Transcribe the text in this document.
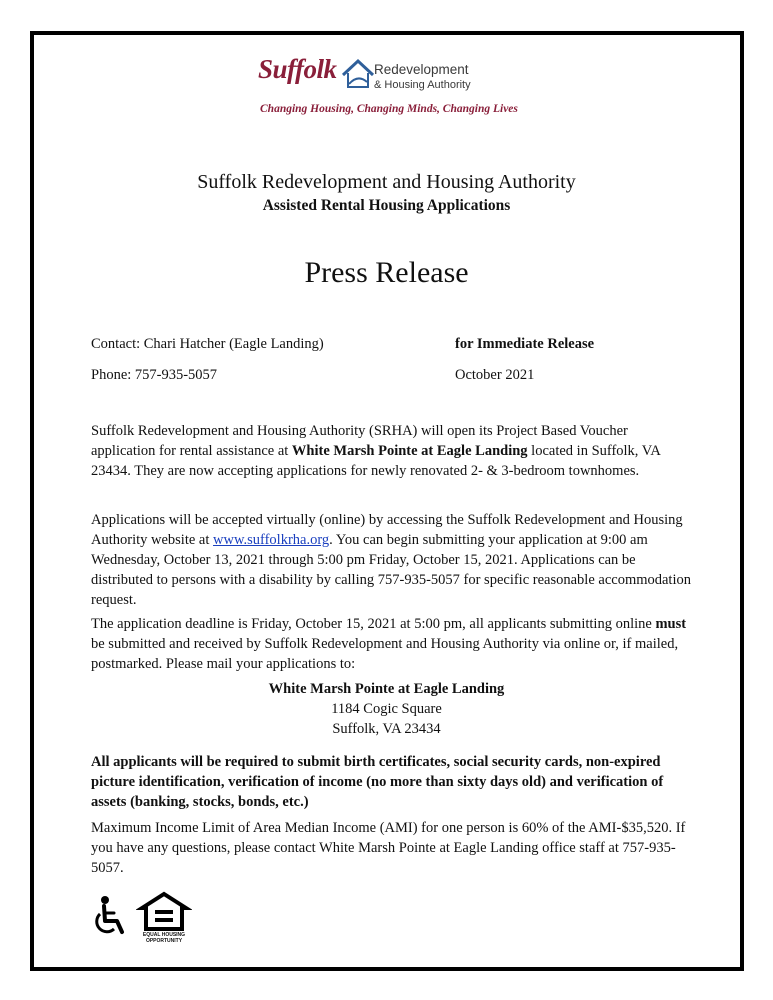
Suffolk	Redevelopment
& Housing Authority
Changing Housing, Changing Minds, Changing Lives
Suffolk Redevelopment and Housing Authority
Assisted Rental Housing Applications
Press Release
Contact: Chari Hatcher (Eagle Landing)	for Immediate Release
Phone: 757-935-5057	October 2021
Suffolk Redevelopment and Housing Authority (SRHA) will open its Project Based Voucher application for rental assistance at White Marsh Pointe at Eagle Landing located in Suffolk, VA 23434. They are now accepting applications for newly renovated 2- & 3-bedroom townhomes.
Applications will be accepted virtually (online) by accessing the Suffolk Redevelopment and Housing Authority website at www.suffolkrha.org. You can begin submitting your application at 9:00 am Wednesday, October 13, 2021 through 5:00 pm Friday, October 15, 2021. Applications can be distributed to persons with a disability by calling 757-935-5057 for specific reasonable accommodation request.
The application deadline is Friday, October 15, 2021 at 5:00 pm, all applicants submitting online must be submitted and received by Suffolk Redevelopment and Housing Authority via online or, if mailed, postmarked. Please mail your applications to:
White Marsh Pointe at Eagle Landing
1184 Cogic Square
Suffolk, VA 23434
All applicants will be required to submit birth certificates, social security cards, non-expired picture identification, verification of income (no more than sixty days old) and verification of assets (banking, stocks, bonds, etc.)
Maximum Income Limit of Area Median Income (AMI) for one person is 60% of the AMI-$35,520. If you have any questions, please contact White Marsh Pointe at Eagle Landing office staff at 757-935-5057.
EQUAL HOUSING
OPPORTUNITY
